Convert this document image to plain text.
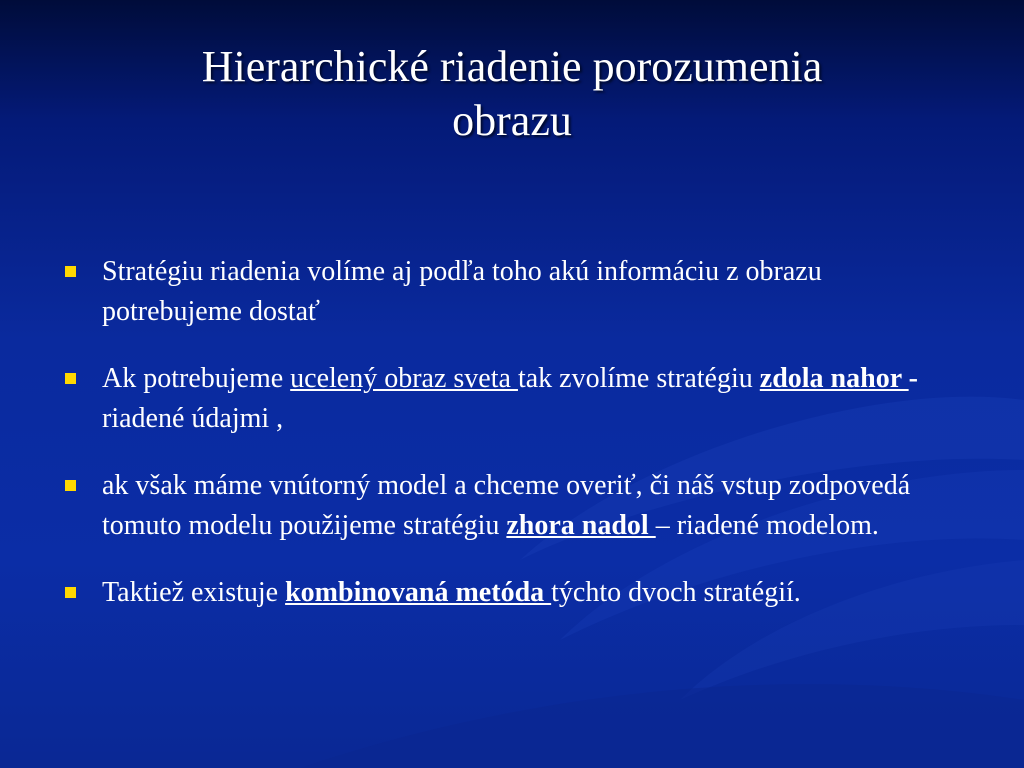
Hierarchické riadenie porozumenia
obrazu
Stratégiu riadenia volíme aj podľa toho akú informáciu z obrazu potrebujeme dostať
Ak potrebujeme ucelený obraz sveta tak zvolíme stratégiu zdola nahor - riadené údajmi ,
ak však máme vnútorný model a chceme overiť, či náš vstup zodpovedá tomuto modelu použijeme stratégiu zhora nadol – riadené modelom.
Taktiež existuje kombinovaná metóda týchto dvoch stratégií.
